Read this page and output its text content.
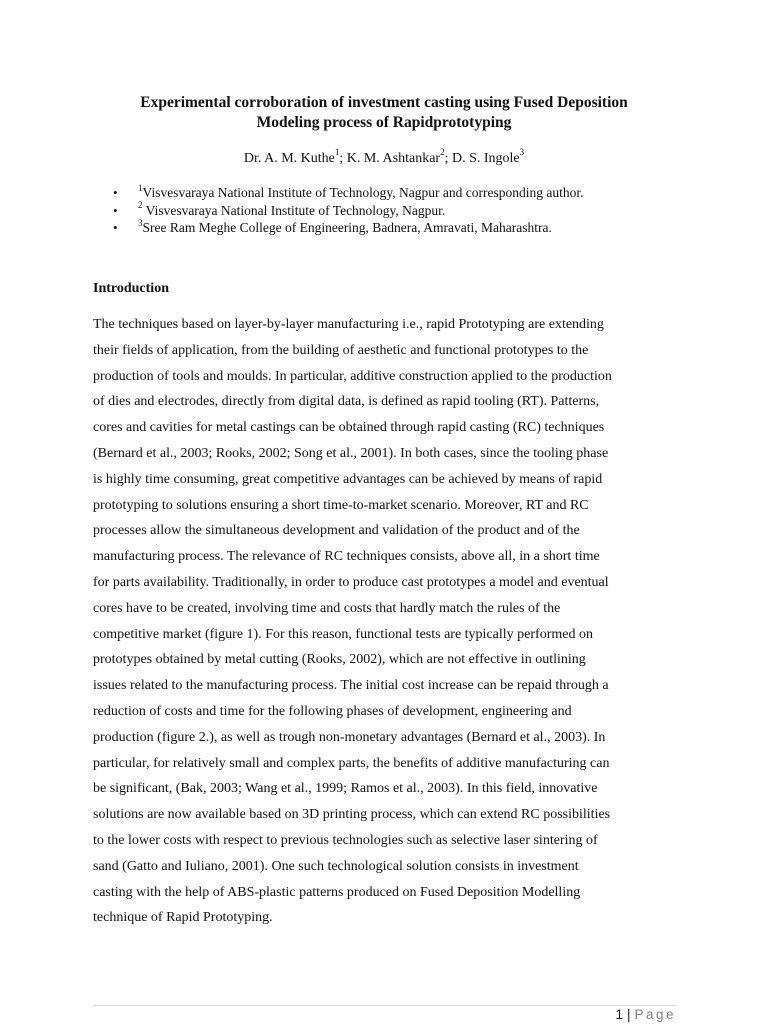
Experimental corroboration of investment casting using Fused Deposition
Modeling process of Rapidprototyping
Dr. A. M. Kuthe$^1$; K. M. Ashtankar$^2$; D. S. Ingole$^3$
• $^1$Visvesvaraya National Institute of Technology, Nagpur and corresponding author.
• $^2$ Visvesvaraya National Institute of Technology, Nagpur.
• $^3$Sree Ram Meghe College of Engineering, Badnera, Amravati, Maharashtra.
Introduction
The techniques based on layer-by-layer manufacturing i.e., rapid Prototyping are extending
their fields of application, from the building of aesthetic and functional prototypes to the
production of tools and moulds. In particular, additive construction applied to the production
of dies and electrodes, directly from digital data, is defined as rapid tooling (RT). Patterns,
cores and cavities for metal castings can be obtained through rapid casting (RC) techniques
(Bernard et al., 2003; Rooks, 2002; Song et al., 2001). In both cases, since the tooling phase
is highly time consuming, great competitive advantages can be achieved by means of rapid
prototyping to solutions ensuring a short time-to-market scenario. Moreover, RT and RC
processes allow the simultaneous development and validation of the product and of the
manufacturing process. The relevance of RC techniques consists, above all, in a short time
for parts availability. Traditionally, in order to produce cast prototypes a model and eventual
cores have to be created, involving time and costs that hardly match the rules of the
competitive market (figure 1). For this reason, functional tests are typically performed on
prototypes obtained by metal cutting (Rooks, 2002), which are not effective in outlining
issues related to the manufacturing process. The initial cost increase can be repaid through a
reduction of costs and time for the following phases of development, engineering and
production (figure 2.), as well as trough non-monetary advantages (Bernard et al., 2003). In
particular, for relatively small and complex parts, the benefits of additive manufacturing can
be significant, (Bak, 2003; Wang et al., 1999; Ramos et al., 2003). In this field, innovative
solutions are now available based on 3D printing process, which can extend RC possibilities
to the lower costs with respect to previous technologies such as selective laser sintering of
sand (Gatto and Iuliano, 2001). One such technological solution consists in investment
casting with the help of ABS-plastic patterns produced on Fused Deposition Modelling
technique of Rapid Prototyping.
1 | Page
